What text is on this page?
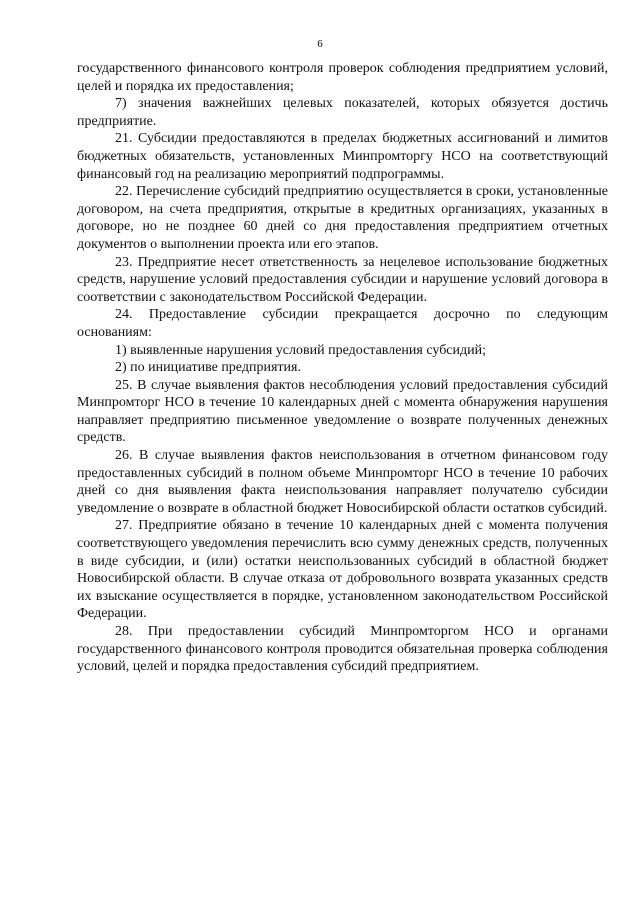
6

государственного финансового контроля проверок соблюдения предприятием условий, целей и порядка их предоставления;

7) значения важнейших целевых показателей, которых обязуется достичь предприятие.

21. Субсидии предоставляются в пределах бюджетных ассигнований и лимитов бюджетных обязательств, установленных Минпромторгу НСО на соответствующий финансовый год на реализацию мероприятий подпрограммы.

22. Перечисление субсидий предприятию осуществляется в сроки, установленные договором, на счета предприятия, открытые в кредитных организациях, указанных в договоре, но не позднее 60 дней со дня предоставления предприятием отчетных документов о выполнении проекта или его этапов.

23. Предприятие несет ответственность за нецелевое использование бюджетных средств, нарушение условий предоставления субсидии и нарушение условий договора в соответствии с законодательством Российской Федерации.

24. Предоставление субсидии прекращается досрочно по следующим основаниям:

1) выявленные нарушения условий предоставления субсидий;

2) по инициативе предприятия.

25. В случае выявления фактов несоблюдения условий предоставления субсидий Минпромторг НСО в течение 10 календарных дней с момента обнаружения нарушения направляет предприятию письменное уведомление о возврате полученных денежных средств.

26. В случае выявления фактов неиспользования в отчетном финансовом году предоставленных субсидий в полном объеме Минпромторг НСО в течение 10 рабочих дней со дня выявления факта неиспользования направляет получателю субсидии уведомление о возврате в областной бюджет Новосибирской области остатков субсидий.

27. Предприятие обязано в течение 10 календарных дней с момента получения соответствующего уведомления перечислить всю сумму денежных средств, полученных в виде субсидии, и (или) остатки неиспользованных субсидий в областной бюджет Новосибирской области. В случае отказа от добровольного возврата указанных средств их взыскание осуществляется в порядке, установленном законодательством Российской Федерации.

28. При предоставлении субсидий Минпромторгом НСО и органами государственного финансового контроля проводится обязательная проверка соблюдения условий, целей и порядка предоставления субсидий предприятием.
